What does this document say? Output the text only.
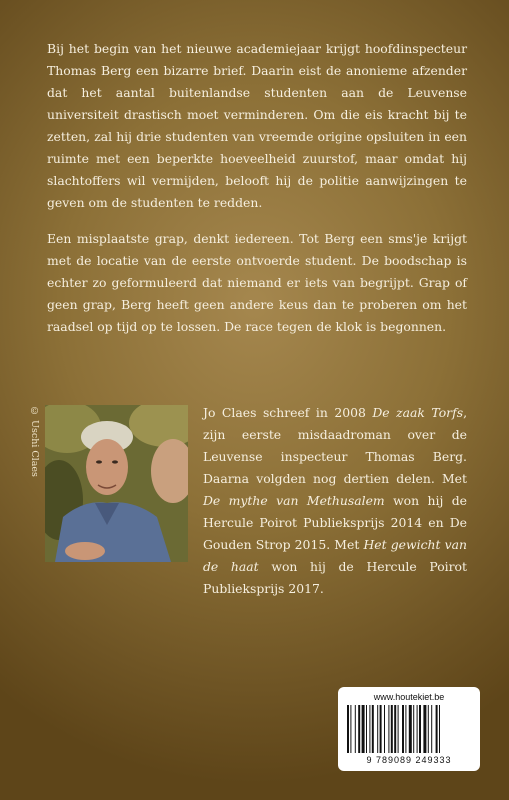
Bij het begin van het nieuwe academiejaar krijgt hoofdinspecteur Thomas Berg een bizarre brief. Daarin eist de anonieme afzender dat het aantal buitenlandse studenten aan de Leuvense universiteit drastisch moet verminderen. Om die eis kracht bij te zetten, zal hij drie studenten van vreemde origine opsluiten in een ruimte met een beperkte hoeveelheid zuurstof, maar omdat hij slachtoffers wil vermijden, belooft hij de politie aanwijzingen te geven om de studenten te redden.

Een misplaatste grap, denkt iedereen. Tot Berg een sms'je krijgt met de locatie van de eerste ontvoerde student. De boodschap is echter zo geformuleerd dat niemand er iets van begrijpt. Grap of geen grap, Berg heeft geen andere keus dan te proberen om het raadsel op tijd op te lossen. De race tegen de klok is begonnen.

© Uschi Claes	Jo Claes schreef in 2008 De zaak Torfs, zijn eerste misdaadroman over de Leuvense inspecteur Thomas Berg. Daarna volgden nog dertien delen. Met De mythe van Methusalem won hij de Hercule Poirot Publieksprijs 2014 en De Gouden Strop 2015. Met Het gewicht van de haat won hij de Hercule Poirot Publieksprijs 2017.

www.houtekiet.be
9 789089 249333
